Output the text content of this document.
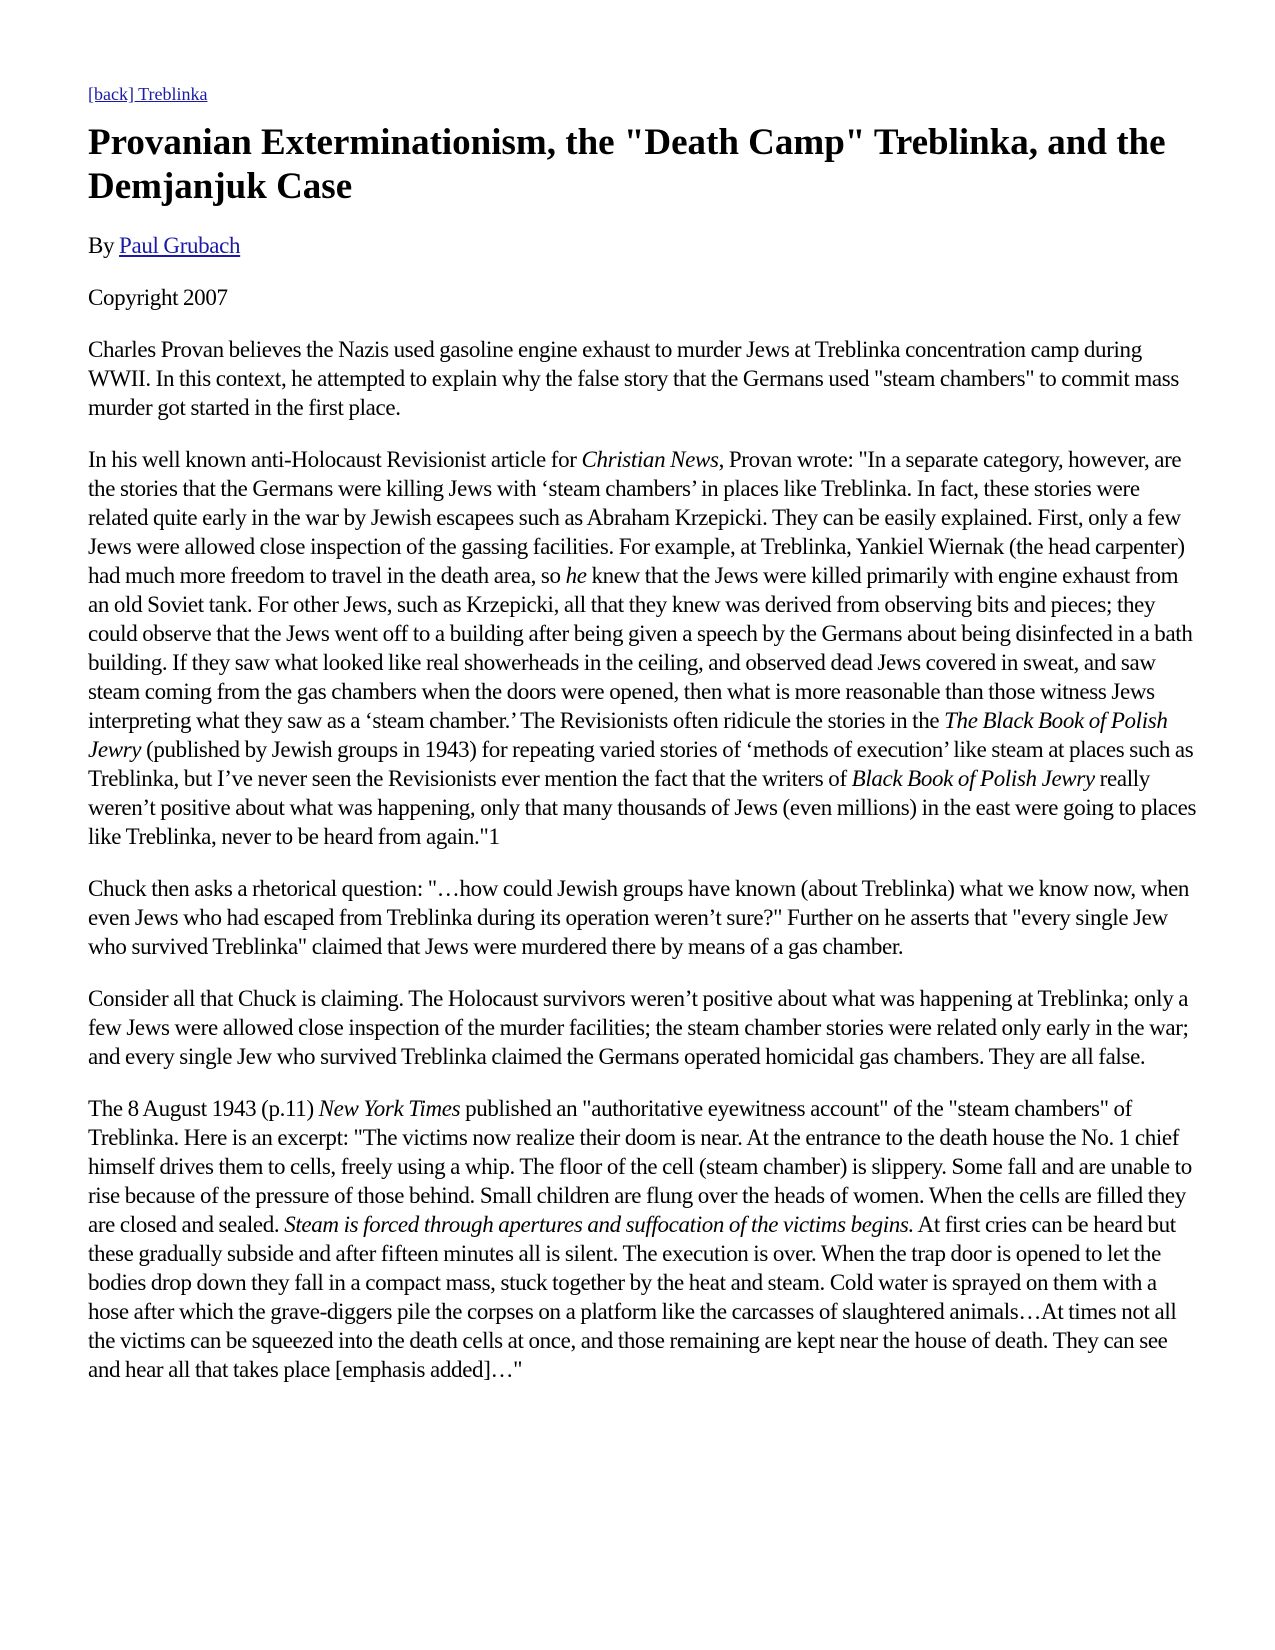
[back] Treblinka
Provanian Exterminationism, the "Death Camp" Treblinka, and the Demjanjuk Case

By Paul Grubach

Copyright 2007

Charles Provan believes the Nazis used gasoline engine exhaust to murder Jews at Treblinka concentration camp during WWII. In this context, he attempted to explain why the false story that the Germans used "steam chambers" to commit mass murder got started in the first place.

In his well known anti-Holocaust Revisionist article for Christian News, Provan wrote: "In a separate category, however, are the stories that the Germans were killing Jews with ‘steam chambers’ in places like Treblinka. In fact, these stories were related quite early in the war by Jewish escapees such as Abraham Krzepicki. They can be easily explained. First, only a few Jews were allowed close inspection of the gassing facilities. For example, at Treblinka, Yankiel Wiernak (the head carpenter) had much more freedom to travel in the death area, so he knew that the Jews were killed primarily with engine exhaust from an old Soviet tank. For other Jews, such as Krzepicki, all that they knew was derived from observing bits and pieces; they could observe that the Jews went off to a building after being given a speech by the Germans about being disinfected in a bath building. If they saw what looked like real showerheads in the ceiling, and observed dead Jews covered in sweat, and saw steam coming from the gas chambers when the doors were opened, then what is more reasonable than those witness Jews interpreting what they saw as a ‘steam chamber.’ The Revisionists often ridicule the stories in the The Black Book of Polish Jewry (published by Jewish groups in 1943) for repeating varied stories of ‘methods of execution’ like steam at places such as Treblinka, but I’ve never seen the Revisionists ever mention the fact that the writers of Black Book of Polish Jewry really weren’t positive about what was happening, only that many thousands of Jews (even millions) in the east were going to places like Treblinka, never to be heard from again."1

Chuck then asks a rhetorical question: "…how could Jewish groups have known (about Treblinka) what we know now, when even Jews who had escaped from Treblinka during its operation weren’t sure?" Further on he asserts that "every single Jew who survived Treblinka" claimed that Jews were murdered there by means of a gas chamber.

Consider all that Chuck is claiming. The Holocaust survivors weren’t positive about what was happening at Treblinka; only a few Jews were allowed close inspection of the murder facilities; the steam chamber stories were related only early in the war; and every single Jew who survived Treblinka claimed the Germans operated homicidal gas chambers. They are all false.

The 8 August 1943 (p.11) New York Times published an "authoritative eyewitness account" of the "steam chambers" of Treblinka. Here is an excerpt: "The victims now realize their doom is near. At the entrance to the death house the No. 1 chief himself drives them to cells, freely using a whip. The floor of the cell (steam chamber) is slippery. Some fall and are unable to rise because of the pressure of those behind. Small children are flung over the heads of women. When the cells are filled they are closed and sealed. Steam is forced through apertures and suffocation of the victims begins. At first cries can be heard but these gradually subside and after fifteen minutes all is silent. The execution is over. When the trap door is opened to let the bodies drop down they fall in a compact mass, stuck together by the heat and steam. Cold water is sprayed on them with a hose after which the grave-diggers pile the corpses on a platform like the carcasses of slaughtered animals…At times not all the victims can be squeezed into the death cells at once, and those remaining are kept near the house of death. They can see and hear all that takes place [emphasis added]…"
